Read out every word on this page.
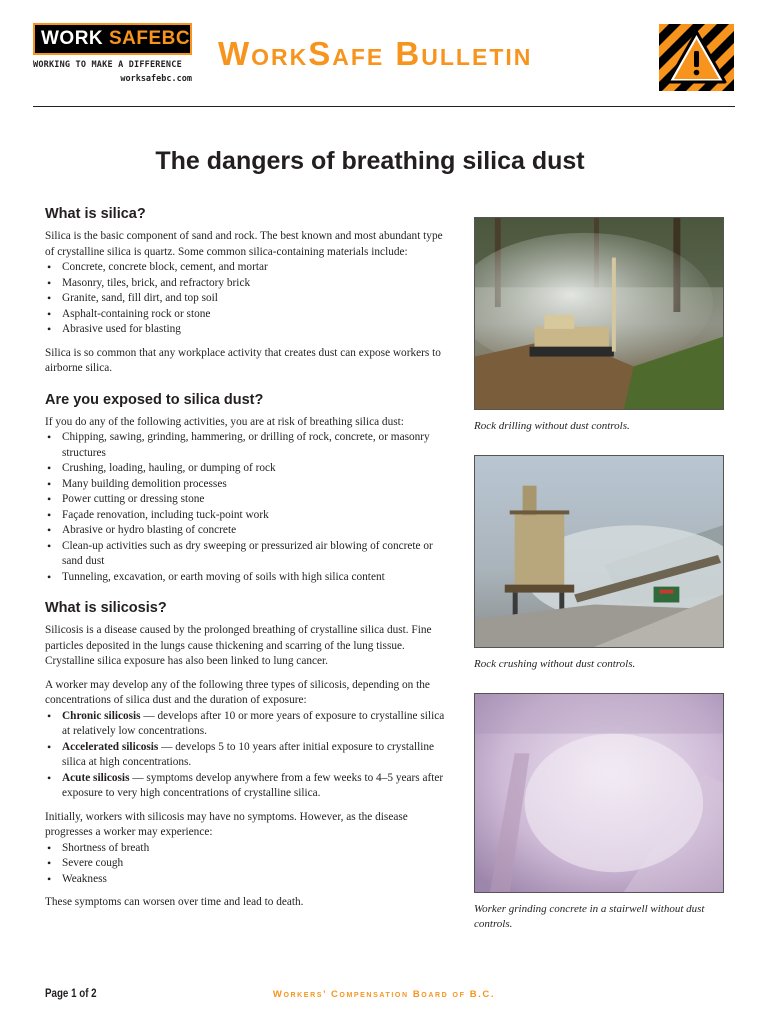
WORK SAFEBC
WORKING TO MAKE A DIFFERENCE
worksafebc.com
WorkSafe Bulletin
The dangers of breathing silica dust
What is silica?

Silica is the basic component of sand and rock. The best known and most abundant type of crystalline silica is quartz. Some common silica-containing materials include:

• Concrete, concrete block, cement, and mortar
• Masonry, tiles, brick, and refractory brick
• Granite, sand, fill dirt, and top soil
• Asphalt-containing rock or stone
• Abrasive used for blasting

Silica is so common that any workplace activity that creates dust can expose workers to airborne silica.

Are you exposed to silica dust?

If you do any of the following activities, you are at risk of breathing silica dust:

• Chipping, sawing, grinding, hammering, or drilling of rock, concrete, or masonry structures
• Crushing, loading, hauling, or dumping of rock
• Many building demolition processes
• Power cutting or dressing stone
• Façade renovation, including tuck-point work
• Abrasive or hydro blasting of concrete
• Clean-up activities such as dry sweeping or pressurized air blowing of concrete or sand dust
• Tunneling, excavation, or earth moving of soils with high silica content
What is silicosis?

Silicosis is a disease caused by the prolonged breathing of crystalline silica dust. Fine particles deposited in the lungs cause thickening and scarring of the lung tissue. Crystalline silica exposure has also been linked to lung cancer.

A worker may develop any of the following three types of silicosis, depending on the concentrations of silica dust and the duration of exposure:

• Chronic silicosis — develops after 10 or more years of exposure to crystalline silica at relatively low concentrations.
• Accelerated silicosis — develops 5 to 10 years after initial exposure to crystalline silica at high concentrations.
• Acute silicosis — symptoms develop anywhere from a few weeks to 4–5 years after exposure to very high concentrations of crystalline silica.

Initially, workers with silicosis may have no symptoms. However, as the disease progresses a worker may experience:

• Shortness of breath
• Severe cough
• Weakness

These symptoms can worsen over time and lead to death.

Rock drilling without dust controls.
Rock crushing without dust controls.
Worker grinding concrete in a stairwell without dust controls.
Page 1 of 2	Workers’ Compensation Board of B.C.
